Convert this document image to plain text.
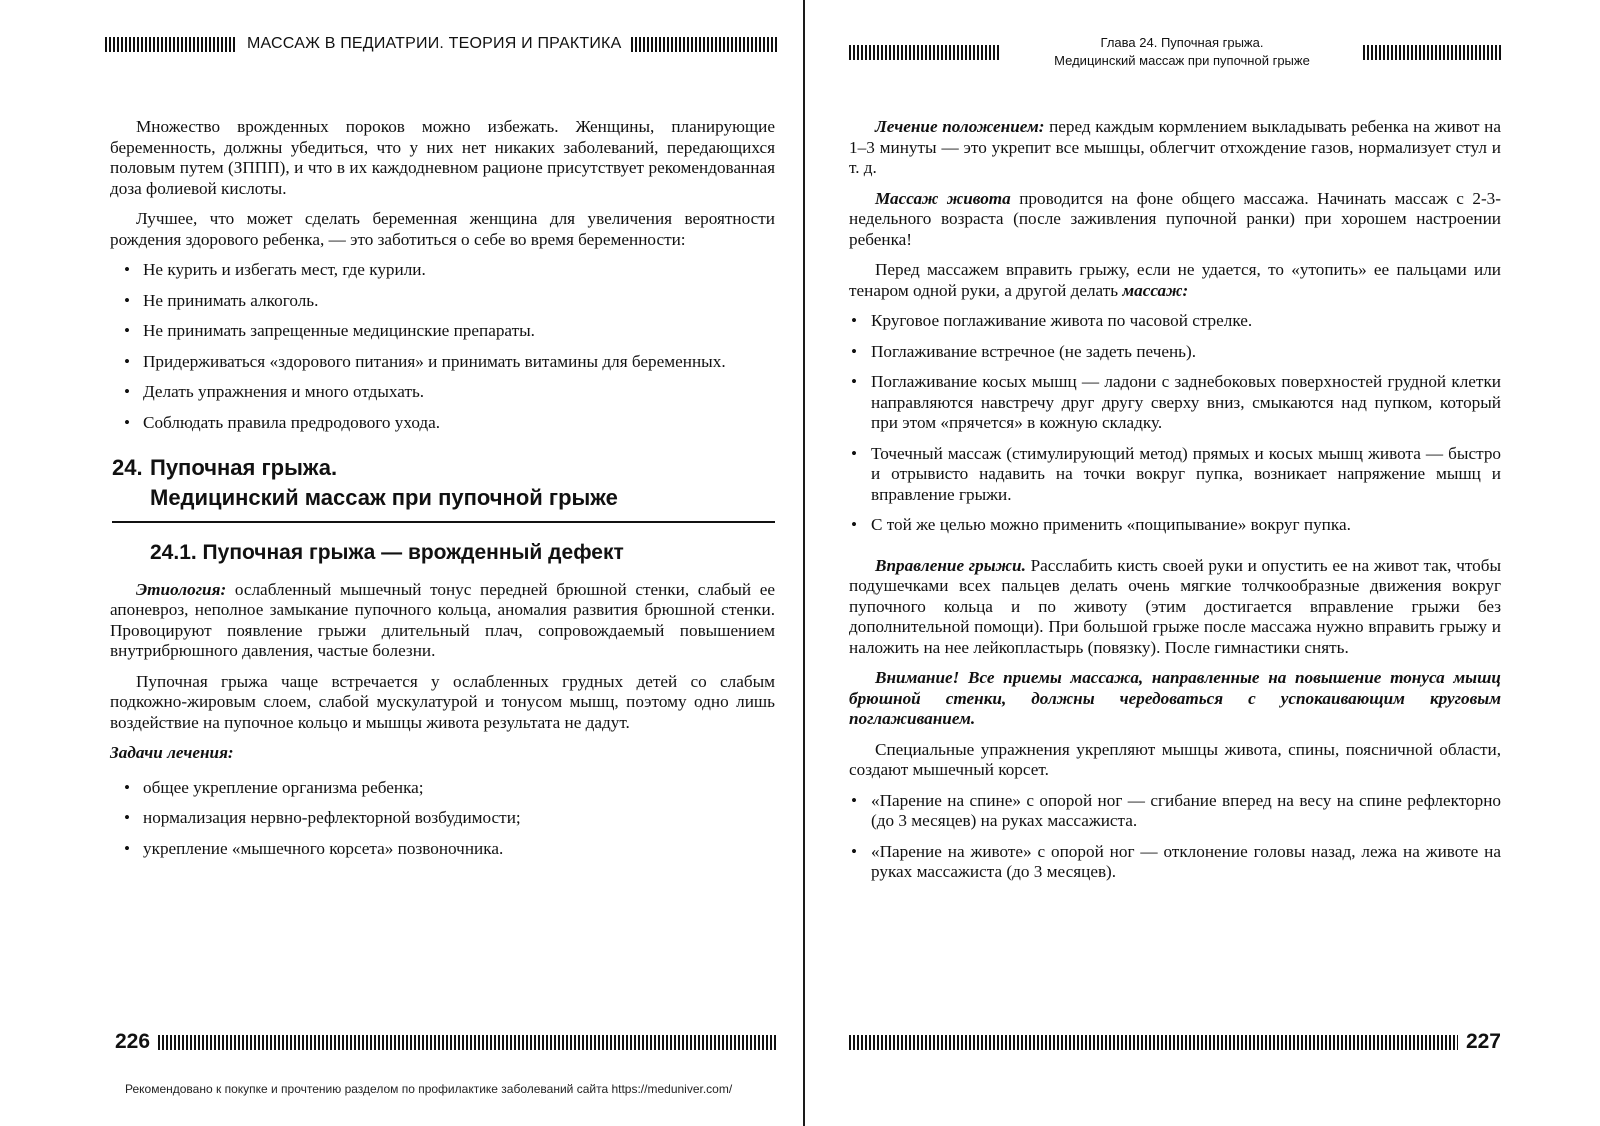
МАССАЖ В ПЕДИАТРИИ. ТЕОРИЯ И ПРАКТИКА

Множество врожденных пороков можно избежать. Женщины, планирующие беременность, должны убедиться, что у них нет никаких заболеваний, передающихся половым путем (ЗППП), и что в их каждодневном рационе присутствует рекомендованная доза фолиевой кислоты.

Лучшее, что может сделать беременная женщина для увеличения вероятности рождения здорового ребенка, — это заботиться о себе во время беременности:

• Не курить и избегать мест, где курили.
• Не принимать алкоголь.
• Не принимать запрещенные медицинские препараты.
• Придерживаться «здорового питания» и принимать витамины для беременных.
• Делать упражнения и много отдыхать.
• Соблюдать правила предродового ухода.
24. Пупочная грыжа.
Медицинский массаж при пупочной грыже
24.1. Пупочная грыжа — врожденный дефект

Этиология: ослабленный мышечный тонус передней брюшной стенки, слабый ее апоневроз, неполное замыкание пупочного кольца, аномалия развития брюшной стенки. Провоцируют появление грыжи длительный плач, сопровождаемый повышением внутрибрюшного давления, частые болезни.

Пупочная грыжа чаще встречается у ослабленных грудных детей со слабым подкожно-жировым слоем, слабой мускулатурой и тонусом мышц, поэтому одно лишь воздействие на пупочное кольцо и мышцы живота результата не дадут.

Задачи лечения:

• общее укрепление организма ребенка;
• нормализация нервно-рефлекторной возбудимости;
• укрепление «мышечного корсета» позвоночника.
226
Глава 24. Пупочная грыжа.
Медицинский массаж при пупочной грыже

Лечение положением: перед каждым кормлением выкладывать ребенка на живот на 1–3 минуты — это укрепит все мышцы, облегчит отхождение газов, нормализует стул и т. д.

Массаж живота проводится на фоне общего массажа. Начинать массаж с 2-3-недельного возраста (после заживления пупочной ранки) при хорошем настроении ребенка!

Перед массажем вправить грыжу, если не удается, то «утопить» ее пальцами или тенаром одной руки, а другой делать массаж:

• Круговое поглаживание живота по часовой стрелке.
• Поглаживание встречное (не задеть печень).
• Поглаживание косых мышц — ладони с заднебоковых поверхностей грудной клетки направляются навстречу друг другу сверху вниз, смыкаются над пупком, который при этом «прячется» в кожную складку.
• Точечный массаж (стимулирующий метод) прямых и косых мышц живота — быстро и отрывисто надавить на точки вокруг пупка, возникает напряжение мышц и вправление грыжи.
• С той же целью можно применить «пощипывание» вокруг пупка.

Вправление грыжи. Расслабить кисть своей руки и опустить ее на живот так, чтобы подушечками всех пальцев делать очень мягкие толчкообразные движения вокруг пупочного кольца и по животу (этим достигается вправление грыжи без дополнительной помощи). При большой грыже после массажа нужно вправить грыжу и наложить на нее лейкопластырь (повязку). После гимнастики снять.

Внимание! Все приемы массажа, направленные на повышение тонуса мышц брюшной стенки, должны чередоваться с успокаивающим круговым поглаживанием.

Специальные упражнения укрепляют мышцы живота, спины, поясничной области, создают мышечный корсет.

• «Парение на спине» с опорой ног — сгибание вперед на весу на спине рефлекторно (до 3 месяцев) на руках массажиста.
• «Парение на животе» с опорой ног — отклонение головы назад, лежа на животе на руках массажиста (до 3 месяцев).
227
Рекомендовано к покупке и прочтению разделом по профилактике заболеваний сайта https://meduniver.com/
